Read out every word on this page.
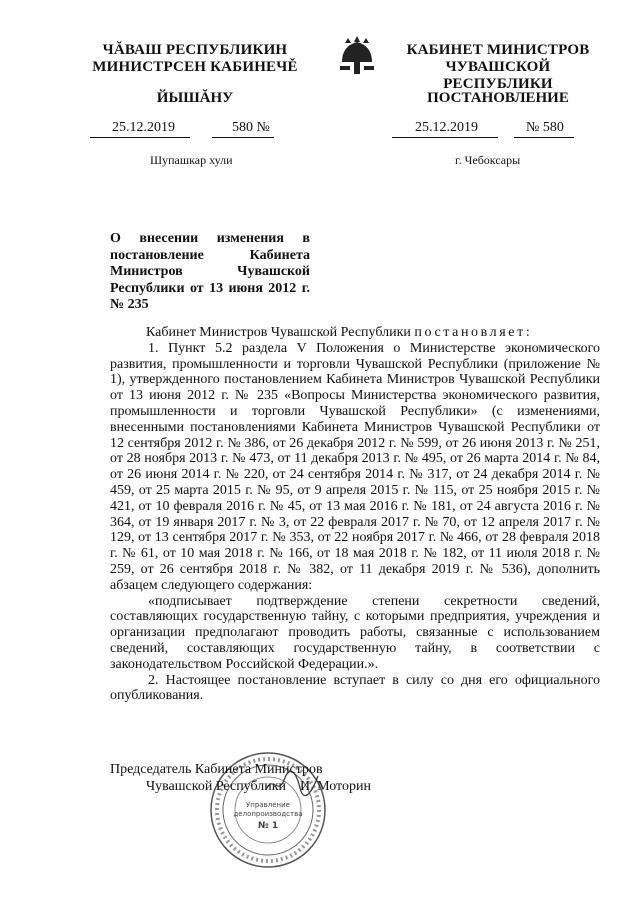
ЧĂВАШ РЕСПУБЛИКИН
МИНИСТРСЕН КАБИНЕЧĚ
ЙЫШĂНУ
КАБИНЕТ МИНИСТРОВ
ЧУВАШСКОЙ РЕСПУБЛИКИ
ПОСТАНОВЛЕНИЕ
25.12.2019	580 №	25.12.2019	№ 580
Шупашкар хули	г. Чебоксары
О внесении изменения в постановление Кабинета Министров Чувашской Республики от 13 июня 2012 г. № 235

Кабинет Министров Чувашской Республики постановляет:

1. Пункт 5.2 раздела V Положения о Министерстве экономического развития, промышленности и торговли Чувашской Республики (приложение № 1), утвержденного постановлением Кабинета Министров Чувашской Республики от 13 июня 2012 г. № 235 «Вопросы Министерства экономического развития, промышленности и торговли Чувашской Республики» (с изменениями, внесенными постановлениями Кабинета Министров Чувашской Республики от 12 сентября 2012 г. № 386, от 26 декабря 2012 г. № 599, от 26 июня 2013 г. № 251, от 28 ноября 2013 г. № 473, от 11 декабря 2013 г. № 495, от 26 марта 2014 г. № 84, от 26 июня 2014 г. № 220, от 24 сентября 2014 г. № 317, от 24 декабря 2014 г. № 459, от 25 марта 2015 г. № 95, от 9 апреля 2015 г. № 115, от 25 ноября 2015 г. № 421, от 10 февраля 2016 г. № 45, от 13 мая 2016 г. № 181, от 24 августа 2016 г. № 364, от 19 января 2017 г. № 3, от 22 февраля 2017 г. № 70, от 12 апреля 2017 г. № 129, от 13 сентября 2017 г. № 353, от 22 ноября 2017 г. № 466, от 28 февраля 2018 г. № 61, от 10 мая 2018 г. № 166, от 18 мая 2018 г. № 182, от 11 июля 2018 г. № 259, от 26 сентября 2018 г. № 382, от 11 декабря 2019 г. № 536), дополнить абзацем следующего содержания:

«подписывает подтверждение степени секретности сведений, составляющих государственную тайну, с которыми предприятия, учреждения и организации предполагают проводить работы, связанные с использованием сведений, составляющих государственную тайну, в соответствии с законодательством Российской Федерации.».

2. Настоящее постановление вступает в силу со дня его официального опубликования.

Управление
делопроизводства
№ 1
Председатель Кабинета Министров
Чувашской Республики И. Моторин
